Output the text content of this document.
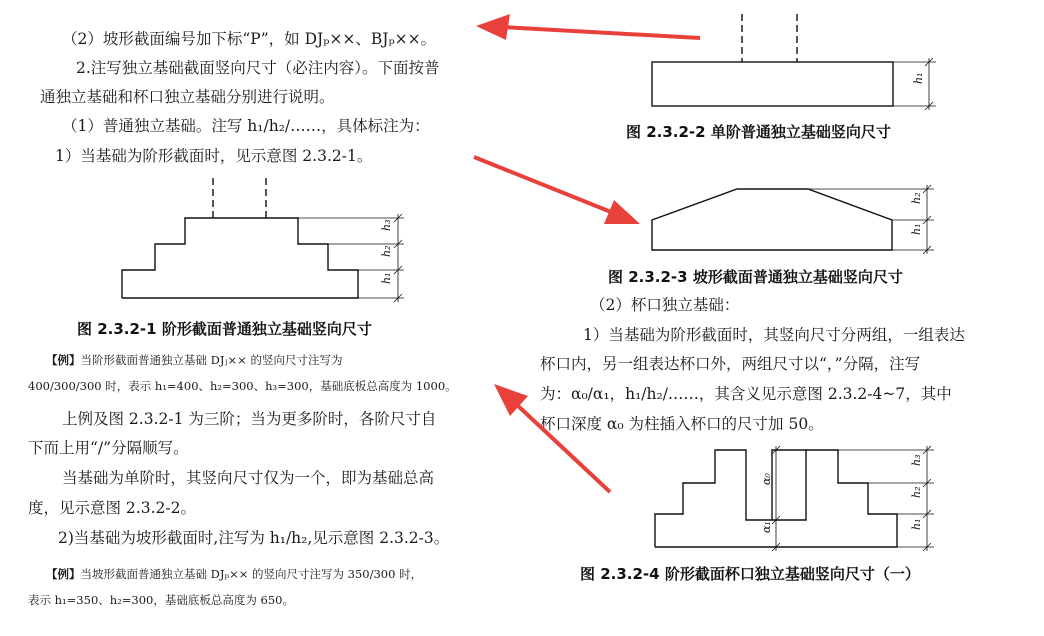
（2）坡形截面编号加下标“P”，如 DJₚ××、BJₚ××。
2.注写独立基础截面竖向尺寸（必注内容）。下面按普
通独立基础和杯口独立基础分别进行说明。
（1）普通独立基础。注写 h₁/h₂/……，具体标注为：
1）当基础为阶形截面时，见示意图 2.3.2-1。
图 2.3.2-1 阶形截面普通独立基础竖向尺寸
【例】当阶形截面普通独立基础 DJⱼ×× 的竖向尺寸注写为
400/300/300 时，表示 h₁=400、h₂=300、h₃=300，基础底板总高度为 1000。
上例及图 2.3.2-1 为三阶；当为更多阶时，各阶尺寸自
下而上用“/”分隔顺写。
当基础为单阶时，其竖向尺寸仅为一个，即为基础总高
度，见示意图 2.3.2-2。
2)当基础为坡形截面时,注写为 h₁/h₂,见示意图 2.3.2-3。
【例】当坡形截面普通独立基础 DJₚ×× 的竖向尺寸注写为 350/300 时，
表示 h₁=350、h₂=300，基础底板总高度为 650。
图 2.3.2-2 单阶普通独立基础竖向尺寸
图 2.3.2-3 坡形截面普通独立基础竖向尺寸
（2）杯口独立基础：
1）当基础为阶形截面时，其竖向尺寸分两组，一组表达
杯口内，另一组表达杯口外，两组尺寸以“，”分隔，注写
为：α₀/α₁，h₁/h₂/……，其含义见示意图 2.3.2-4~7，其中
杯口深度 α₀ 为柱插入杯口的尺寸加 50。
图 2.3.2-4 阶形截面杯口独立基础竖向尺寸（一）
h₃
h₂
h₁
h₁
h₂
h₁
h₃
h₂
h₁
α₀
α₁
